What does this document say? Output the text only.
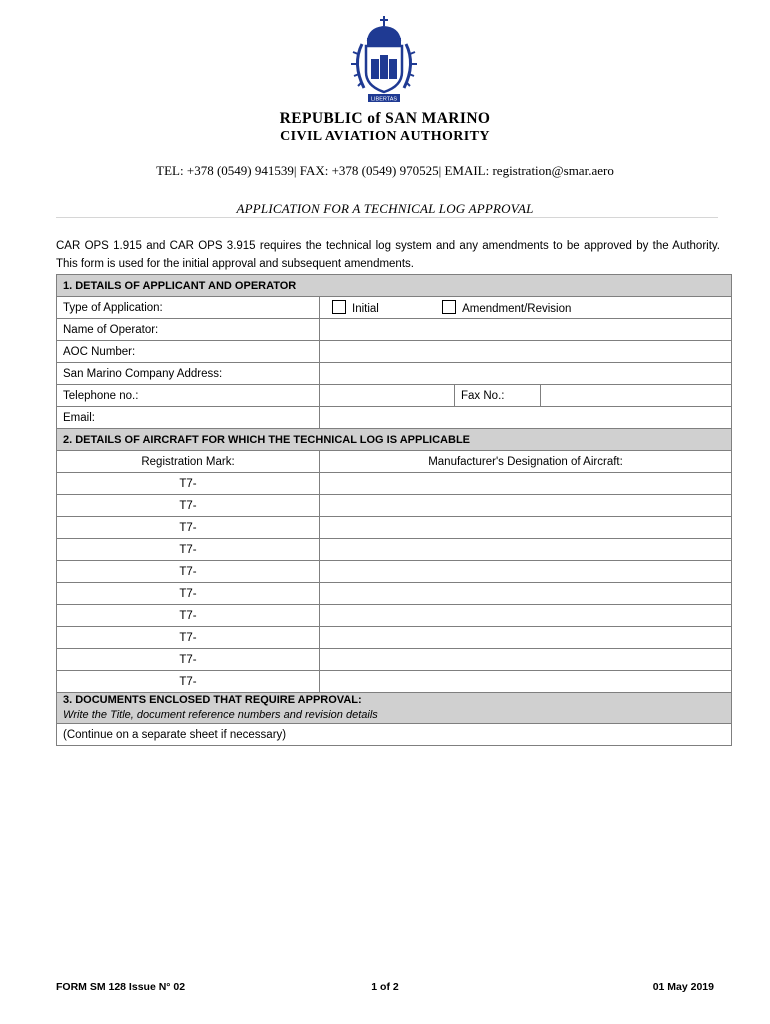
LIBERTAS
REPUBLIC of SAN MARINO
CIVIL AVIATION AUTHORITY
TEL: +378 (0549) 941539| FAX: +378 (0549) 970525| EMAIL: registration@smar.aero
APPLICATION FOR A TECHNICAL LOG APPROVAL
CAR OPS 1.915 and CAR OPS 3.915 requires the technical log system and any amendments to be approved by the Authority. This form is used for the initial approval and subsequent amendments.
1. DETAILS OF APPLICANT AND OPERATOR			
Type of Application:	Initial Amendment/Revision		
Name of Operator:			
AOC Number:			
San Marino Company Address:			
Telephone no.:		Fax No.:	
Email:			
2. DETAILS OF AIRCRAFT FOR WHICH THE TECHNICAL LOG IS APPLICABLE			
Registration Mark:	Manufacturer's Designation of Aircraft:		
T7-			
T7-			
T7-			
T7-			
T7-			
T7-			
T7-			
T7-			
T7-			
T7-			

3. DOCUMENTS ENCLOSED THAT REQUIRE APPROVAL:
Write the Title, document reference numbers and revision details			
(Continue on a separate sheet if necessary)			
FORM SM 128 Issue N° 02	1 of 2	01 May 2019
